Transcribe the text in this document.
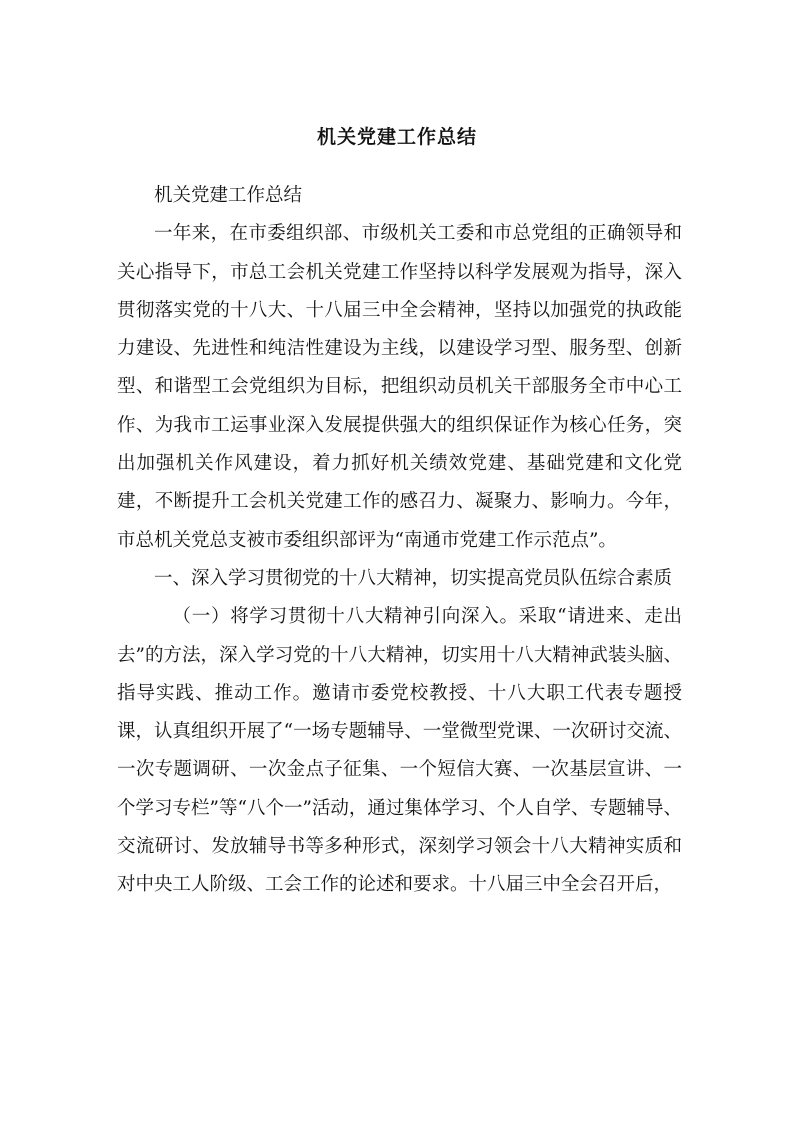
机关党建工作总结

机关党建工作总结

一年来，在市委组织部、市级机关工委和市总党组的正确领导和关心指导下，市总工会机关党建工作坚持以科学发展观为指导，深入贯彻落实党的十八大、十八届三中全会精神，坚持以加强党的执政能力建设、先进性和纯洁性建设为主线，以建设学习型、服务型、创新型、和谐型工会党组织为目标，把组织动员机关干部服务全市中心工作、为我市工运事业深入发展提供强大的组织保证作为核心任务，突出加强机关作风建设，着力抓好机关绩效党建、基础党建和文化党建，不断提升工会机关党建工作的感召力、凝聚力、影响力。今年，市总机关党总支被市委组织部评为“南通市党建工作示范点”。

一、深入学习贯彻党的十八大精神，切实提高党员队伍综合素质

（一）将学习贯彻十八大精神引向深入。采取“请进来、走出去”的方法，深入学习党的十八大精神，切实用十八大精神武装头脑、指导实践、推动工作。邀请市委党校教授、十八大职工代表专题授课，认真组织开展了“一场专题辅导、一堂微型党课、一次研讨交流、一次专题调研、一次金点子征集、一个短信大赛、一次基层宣讲、一个学习专栏”等“八个一”活动，通过集体学习、个人自学、专题辅导、交流研讨、发放辅导书等多种形式，深刻学习领会十八大精神实质和对中央工人阶级、工会工作的论述和要求。十八届三中全会召开后，
